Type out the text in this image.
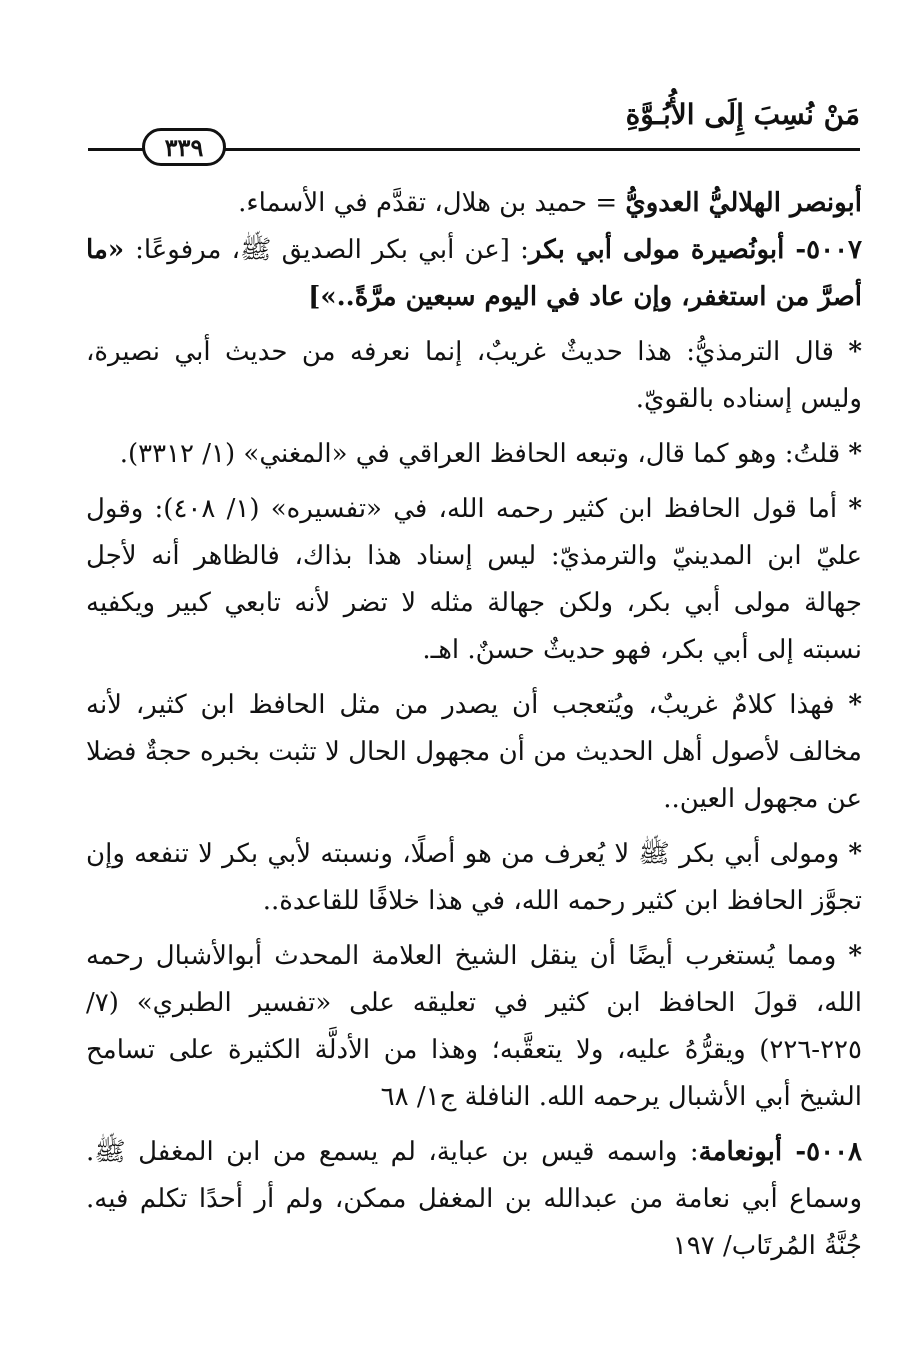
مَنْ نُسِبَ إِلَى الأُبُـوَّةِ
٣٣٩

أبونصر الهلاليُّ العدويُّ = حميد بن هلال، تقدَّم في الأسماء.

٥٠٠٧- أبونُصيرة مولى أبي بكر: [عن أبي بكر الصديق ﷺ، مرفوعًا: «ما أصرَّ من استغفر، وإن عاد في اليوم سبعين مرَّةً..»]

* قال الترمذيُّ: هذا حديثٌ غريبٌ، إنما نعرفه من حديث أبي نصيرة، وليس إسناده بالقويّ.

* قلتُ: وهو كما قال، وتبعه الحافظ العراقي في «المغني» (١/ ٣٣١٢).

* أما قول الحافظ ابن كثير رحمه الله، في «تفسيره» (١/ ٤٠٨): وقول عليّ ابن المدينيّ والترمذيّ: ليس إسناد هذا بذاك، فالظاهر أنه لأجل جهالة مولى أبي بكر، ولكن جهالة مثله لا تضر لأنه تابعي كبير ويكفيه نسبته إلى أبي بكر، فهو حديثٌ حسنٌ. اهـ.

* فهذا كلامٌ غريبٌ، ويُتعجب أن يصدر من مثل الحافظ ابن كثير، لأنه مخالف لأصول أهل الحديث من أن مجهول الحال لا تثبت بخبره حجةٌ فضلا عن مجهول العين..

* ومولى أبي بكر ﷺ لا يُعرف من هو أصلًا، ونسبته لأبي بكر لا تنفعه وإن تجوَّز الحافظ ابن كثير رحمه الله، في هذا خلافًا للقاعدة..

* ومما يُستغرب أيضًا أن ينقل الشيخ العلامة المحدث أبوالأشبال رحمه الله، قولَ الحافظ ابن كثير في تعليقه على «تفسير الطبري» (٧/ ٢٢٥-٢٢٦) ويقرُّهُ عليه، ولا يتعقَّبه؛ وهذا من الأدلَّة الكثيرة على تسامح الشيخ أبي الأشبال يرحمه الله. النافلة ج١/ ٦٨

٥٠٠٨- أبونعامة: واسمه قيس بن عباية، لم يسمع من ابن المغفل ﷺ. وسماع أبي نعامة من عبدالله بن المغفل ممكن، ولم أر أحدًا تكلم فيه. جُنَّةُ المُرتَاب/ ١٩٧
